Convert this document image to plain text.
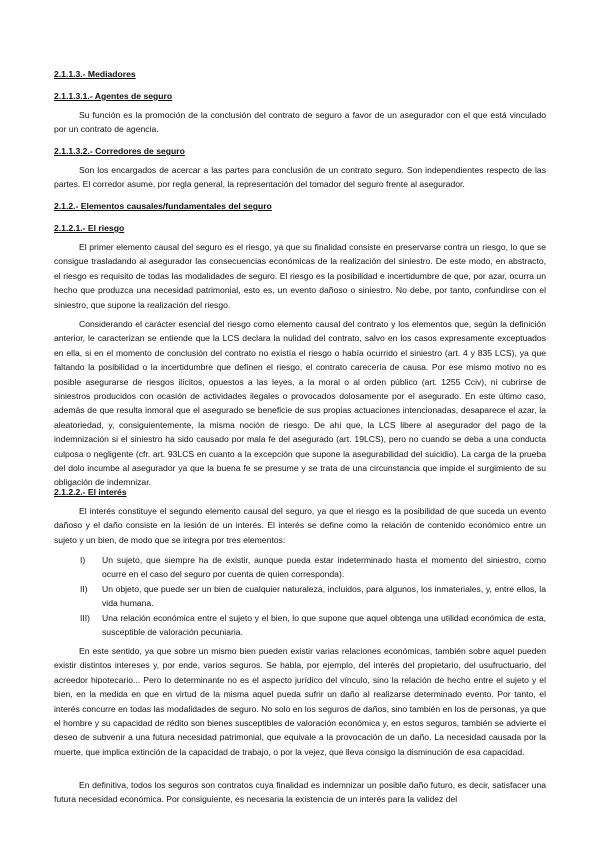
2.1.1.3.- Mediadores
2.1.1.3.1.- Agentes de seguro

Su función es la promoción de la conclusión del contrato de seguro a favor de un asegurador con el que está vinculado por un contrato de agencia.

2.1.1.3.2.- Corredores de seguro

Son los encargados de acercar a las partes para conclusión de un contrato seguro. Son independientes respecto de las partes. El corredor asume, por regla general, la representación del tomador del seguro frente al asegurador.

2.1.2.- Elementos causales/fundamentales del seguro
2.1.2.1.- El riesgo

El primer elemento causal del seguro es el riesgo, ya que su finalidad consiste en preservarse contra un riesgo, lo que se consigue trasladando al asegurador las consecuencias económicas de la realización del siniestro. De este modo, en abstracto, el riesgo es requisito de todas las modalidades de seguro. El riesgo es la posibilidad e incertidumbre de que, por azar, ocurra un hecho que produzca una necesidad patrimonial, esto es, un evento dañoso o siniestro. No debe, por tanto, confundirse con el siniestro, que supone la realización del riesgo.

Considerando el carácter esencial del riesgo como elemento causal del contrato y los elementos que, según la definición anterior, le caracterizan se entiende que la LCS declara la nulidad del contrato, salvo en los casos expresamente exceptuados en ella, si en el momento de conclusión del contrato no existía el riesgo o había ocurrido el siniestro (art. 4 y 835 LCS), ya que faltando la posibilidad o la incertidumbre que definen el riesgo, el contrato carecería de causa. Por ese mismo motivo no es posible asegurarse de riesgos ilícitos, opuestos a las leyes, a la moral o al orden público (art. 1255 Cciv), ni cubrirse de siniestros producidos con ocasión de actividades ilegales o provocados dolosamente por el asegurado. En este último caso, además de que resulta inmoral que el asegurado se beneficie de sus propias actuaciones intencionadas, desaparece el azar, la aleatoriedad, y, consiguientemente, la misma noción de riesgo. De ahí que, la LCS libere al asegurador del pago de la indemnización si el siniestro ha sido causado por mala fe del asegurado (art. 19LCS), pero no cuando se deba a una conducta culposa o negligente (cfr. art. 93LCS en cuanto a la excepción que supone la asegurabilidad del suicidio). La carga de la prueba del dolo incumbe al asegurador ya que la buena fe se presume y se trata de una circunstancia que impide el surgimiento de su obligación de indemnizar.

2.1.2.2.- El interés

El interés constituye el segundo elemento causal del seguro, ya que el riesgo es la posibilidad de que suceda un evento dañoso y el daño consiste en la lesión de un interés. El interés se define como la relación de contenido económico entre un sujeto y un bien, de modo que se integra por tres elementos:

I)	Un sujeto, que siempre ha de existir, aunque pueda estar indeterminado hasta el momento del siniestro, como ocurre en el caso del seguro por cuenta de quien corresponda).
II)	Un objeto, que puede ser un bien de cualquier naturaleza, incluidos, para algunos, los inmateriales, y, entre ellos, la vida humana.
III)	Una relación económica entre el sujeto y el bien, lo que supone que aquel obtenga una utilidad económica de esta, susceptible de valoración pecuniaria.

En este sentido, ya que sobre un mismo bien pueden existir varias relaciones económicas, también sobre aquel pueden existir distintos intereses y, por ende, varios seguros. Se habla, por ejemplo, del interés del propietario, del usufructuario, del acreedor hipotecario... Pero lo determinante no es el aspecto jurídico del vínculo, sino la relación de hecho entre el sujeto y el bien, en la medida en que en virtud de la misma aquel pueda sufrir un daño al realizarse determinado evento. Por tanto, el interés concurre en todas las modalidades de seguro. No solo en los seguros de daños, sino también en los de personas, ya que el hombre y su capacidad de rédito son bienes susceptibles de valoración económica y, en estos seguros, también se advierte el deseo de subvenir a una futura necesidad patrimonial, que equivale a la provocación de un daño. La necesidad causada por la muerte, que implica extinción de la capacidad de trabajo, o por la vejez, que lleva consigo la disminución de esa capacidad.

En definitiva, todos los seguros son contratos cuya finalidad es indemnizar un posible daño futuro, es decir, satisfacer una futura necesidad económica. Por consiguiente, es necesaria la existencia de un interés para la validez del
